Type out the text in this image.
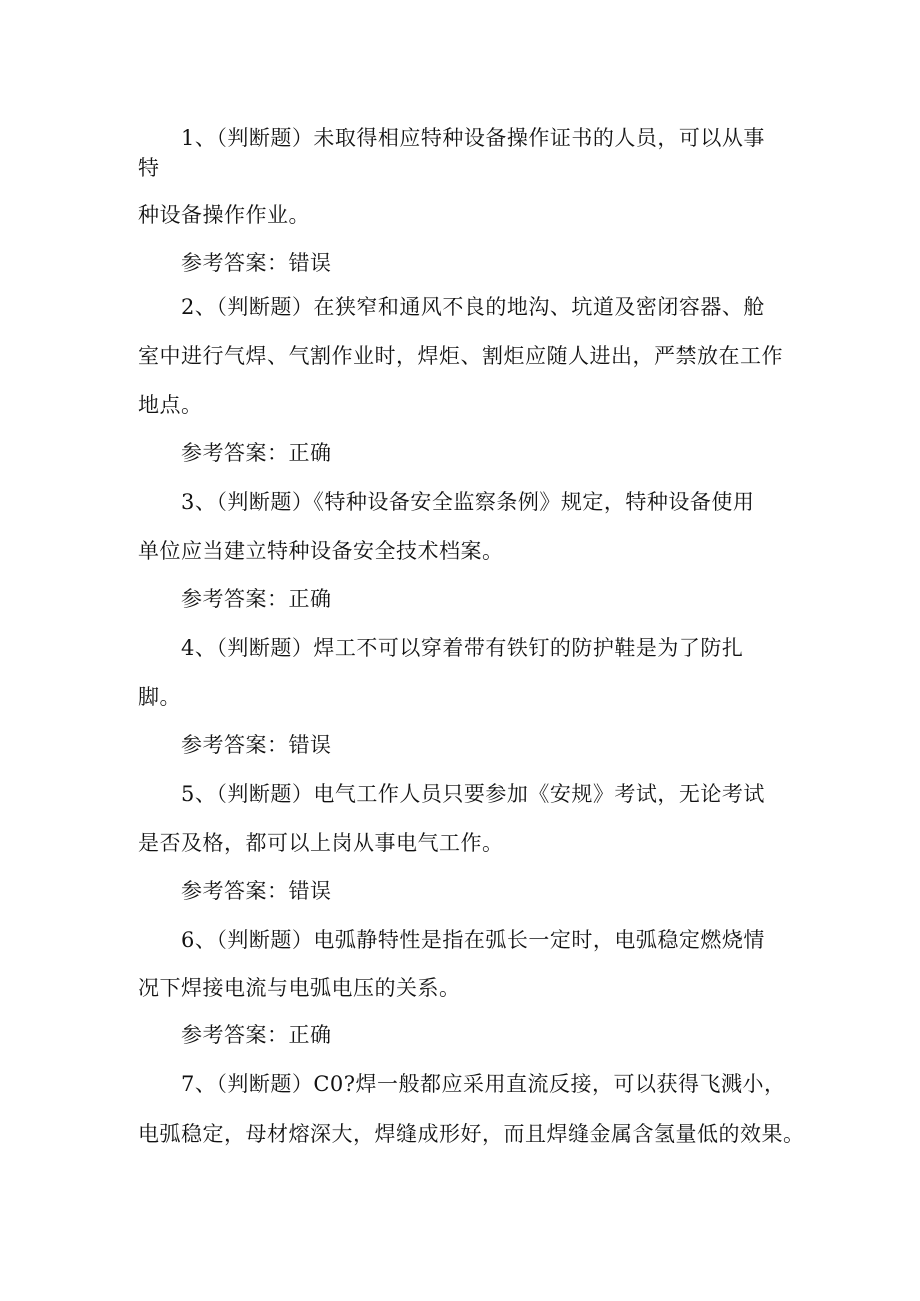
1、（判断题）未取得相应特种设备操作证书的人员，可以从事
特
种设备操作作业。
参考答案：错误
2、（判断题）在狭窄和通风不良的地沟、坑道及密闭容器、舱
室中进行气焊、气割作业时，焊炬、割炬应随人进出，严禁放在工作
地点。
参考答案：正确
3、（判断题）《特种设备安全监察条例》规定，特种设备使用
单位应当建立特种设备安全技术档案。
参考答案：正确
4、（判断题）焊工不可以穿着带有铁钉的防护鞋是为了防扎
脚。
参考答案：错误
5、（判断题）电气工作人员只要参加《安规》考试，无论考试
是否及格，都可以上岗从事电气工作。
参考答案：错误
6、（判断题）电弧静特性是指在弧长一定时，电弧稳定燃烧情
况下焊接电流与电弧电压的关系。
参考答案：正确
7、（判断题）C0?焊一般都应采用直流反接，可以获得飞溅小，
电弧稳定，母材熔深大，焊缝成形好，而且焊缝金属含氢量低的效果。
